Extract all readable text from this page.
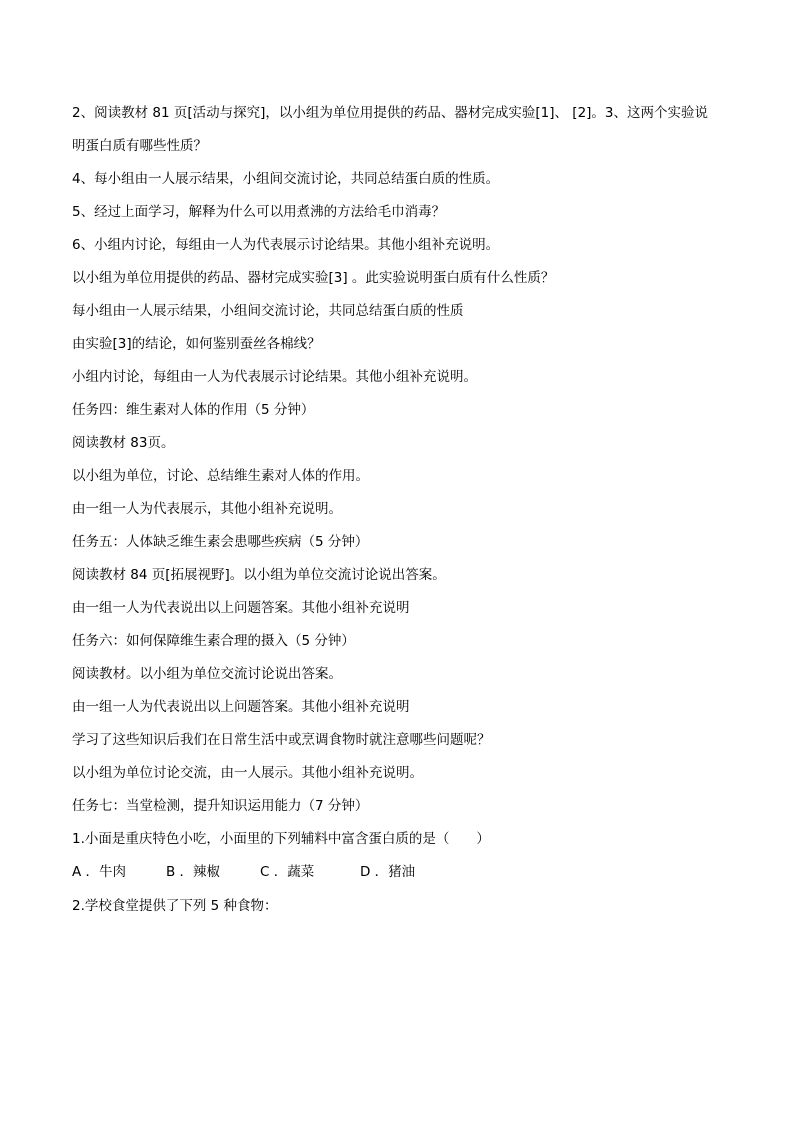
2、阅读教材 81 页[活动与探究]，以小组为单位用提供的药品、器材完成实验[1]、 [2]。3、这两个实验说
明蛋白质有哪些性质？
4、每小组由一人展示结果，小组间交流讨论，共同总结蛋白质的性质。
5、经过上面学习，解释为什么可以用煮沸的方法给毛巾消毒？
6、小组内讨论，每组由一人为代表展示讨论结果。其他小组补充说明。
以小组为单位用提供的药品、器材完成实验[3] 。此实验说明蛋白质有什么性质？
每小组由一人展示结果，小组间交流讨论，共同总结蛋白质的性质
由实验[3]的结论，如何鉴别蚕丝各棉线？
小组内讨论，每组由一人为代表展示讨论结果。其他小组补充说明。
任务四：维生素对人体的作用（5 分钟）
阅读教材 83页。
以小组为单位，讨论、总结维生素对人体的作用。
由一组一人为代表展示，其他小组补充说明。
任务五：人体缺乏维生素会患哪些疾病（5 分钟）
阅读教材 84 页[拓展视野]。以小组为单位交流讨论说出答案。
由一组一人为代表说出以上问题答案。其他小组补充说明
任务六：如何保障维生素合理的摄入（5 分钟）
阅读教材。以小组为单位交流讨论说出答案。
由一组一人为代表说出以上问题答案。其他小组补充说明
学习了这些知识后我们在日常生活中或烹调食物时就注意哪些问题呢？
以小组为单位讨论交流，由一人展示。其他小组补充说明。
任务七：当堂检测，提升知识运用能力（7 分钟）
1.小面是重庆特色小吃，小面里的下列辅料中富含蛋白质的是（　　）
A ．牛肉	B ．辣椒	C ．蔬菜	D ．猪油
2.学校食堂提供了下列 5 种食物：
